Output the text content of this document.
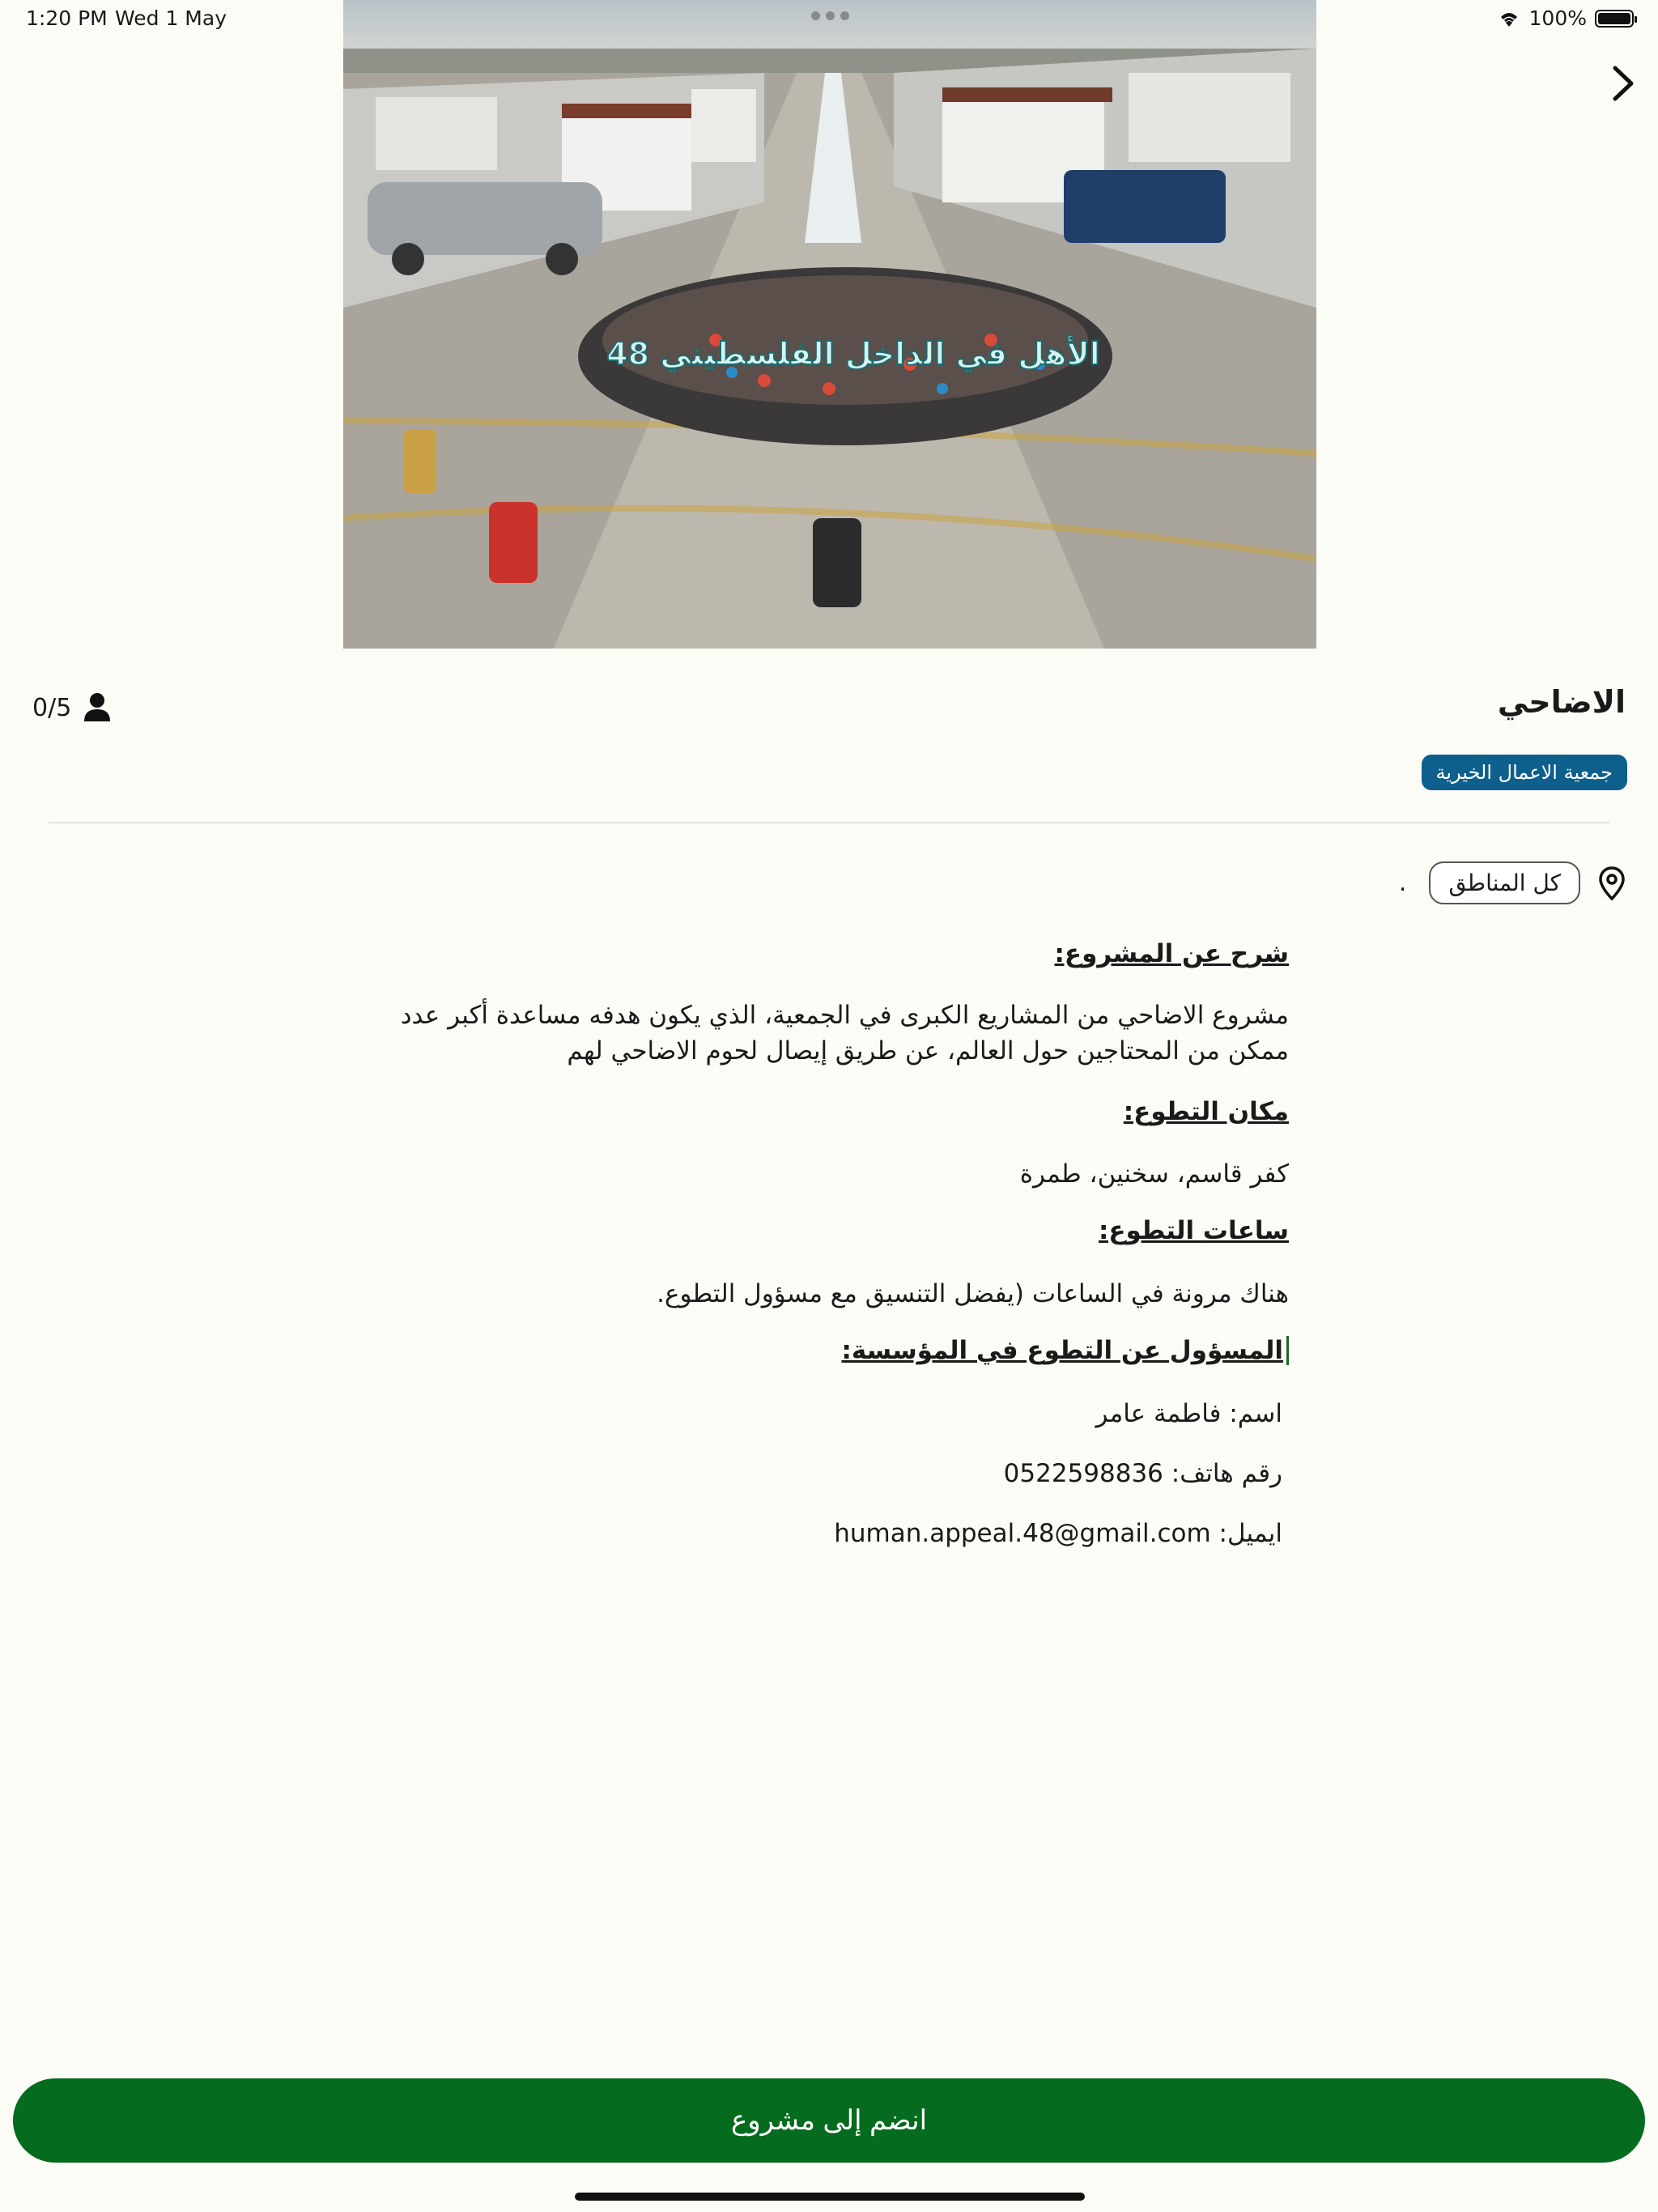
1:20 PM Wed 1 May	100%
الأهل في الداخل الفلسطيني 48
الاضاحي
0/5
جمعية الاعمال الخيرية
كل المناطق
.

شرح عن المشروع:

مشروع الاضاحي من المشاريع الكبرى في الجمعية، الذي يكون هدفه مساعدة أكبر عدد ممكن من المحتاجين حول العالم، عن طريق إيصال لحوم الاضاحي لهم

مكان التطوع:

كفر قاسم، سخنين، طمرة

ساعات التطوع:

هناك مرونة في الساعات (يفضل التنسيق مع مسؤول التطوع.

المسؤول عن التطوع في المؤسسة:

اسم: فاطمة عامر

رقم هاتف: 0522598836

ايميل: human.appeal.48@gmail.com

انضم إلى مشروع
